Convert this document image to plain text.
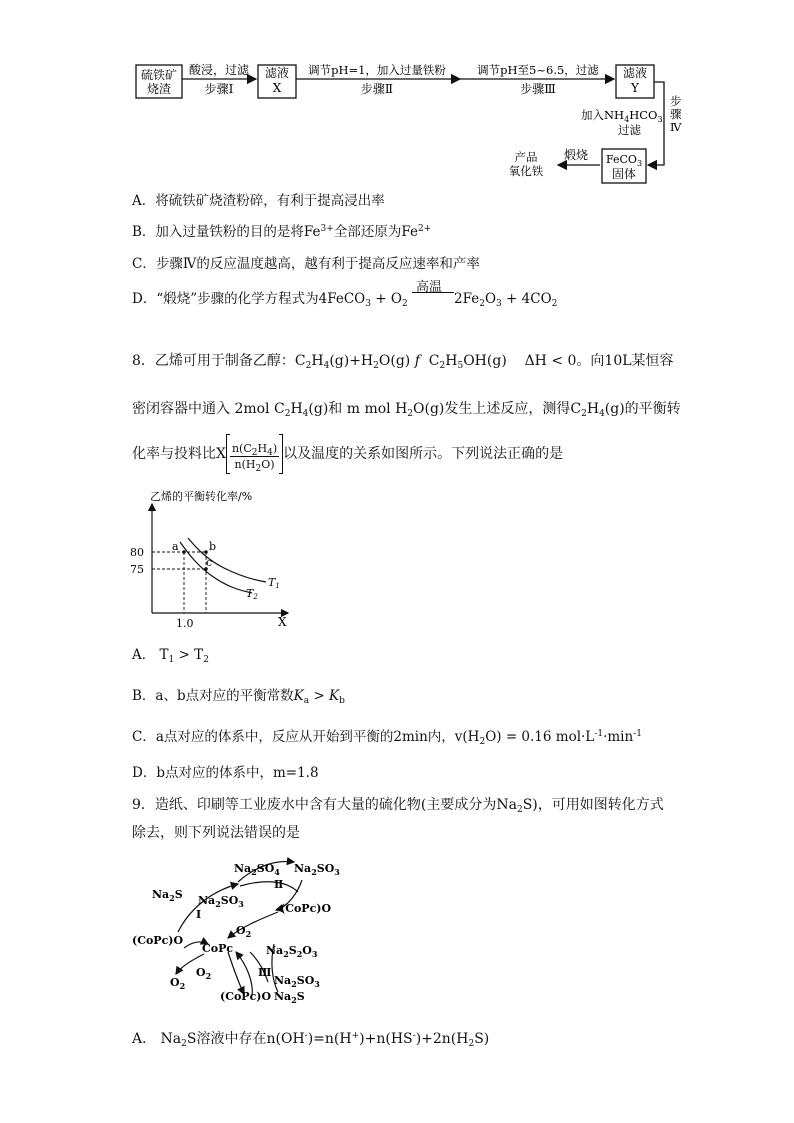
硫铁矿
烧渣
滤液
X
滤液
Y
FeCO$_3$
固体
酸浸，过滤
步骤Ⅰ
调节pH=1，加入过量铁粉
步骤Ⅱ
调节pH至5~6.5，过滤
步骤Ⅲ
步
骤
Ⅳ
加入$NH_4HCO_3$
过滤
煅烧
产品
氧化铁
A．将硫铁矿烧渣粉碎，有利于提高浸出率
B．加入过量铁粉的目的是将$Fe^{3+}$全部还原为$Fe^{2+}$
C．步骤Ⅳ的反应温度越高，越有利于提高反应速率和产率
D．“煅烧”步骤的化学方程式为4FeCO$_3$ + $O_2$
高温
$2Fe_2O_3 + 4CO_2$
8．乙烯可用于制备乙醇：$C_2H_4(g)+H_2O(g)$ f  $C_2H_5OH(g)$    ΔH < 0。向10L某恒容
密闭容器中通入 2mol $C_2H_4(g)$和 m mol $H_2O(g)$发生上述反应，测得$C_2H_4(g)$的平衡转
化率与投料比X $\frac{n(C_2H_4)}{n(H_2O)}$ 以及温度的关系如图所示。下列说法正确的是
乙烯的平衡转化率/%
80
75
1.0	X
a	b
c
T1
T2
A． $T_1 > T_2$
B．a、b点对应的平衡常数$K_a > K_b$
C．a点对应的体系中，反应从开始到平衡的2min内，$v(H_2O) = 0.16$ $mol\cdot L^{-1}\cdot\min^{-1}$
D．b点对应的体系中，m=1.8
9．造纸、印刷等工业废水中含有大量的硫化物(主要成分为$Na_2S$)，可用如图转化方式
除去，则下列说法错误的是
$Na_2S$
Ⅰ
$Na_2SO_3$
$Na_2SO_4$ $Na_2SO_3$
Ⅱ
(CoPc)O
(CoPc)O
CoPc
$O_2$
$O_2$
$O_2$
$Na_2S_2O_3$
Ⅲ
$Na_2SO_3$
(CoPc)O $Na_2S$
A． $Na_2S$溶液中存在$n(OH^-)=n(H^+)+n(HS^-)+2n(H_2S)$
